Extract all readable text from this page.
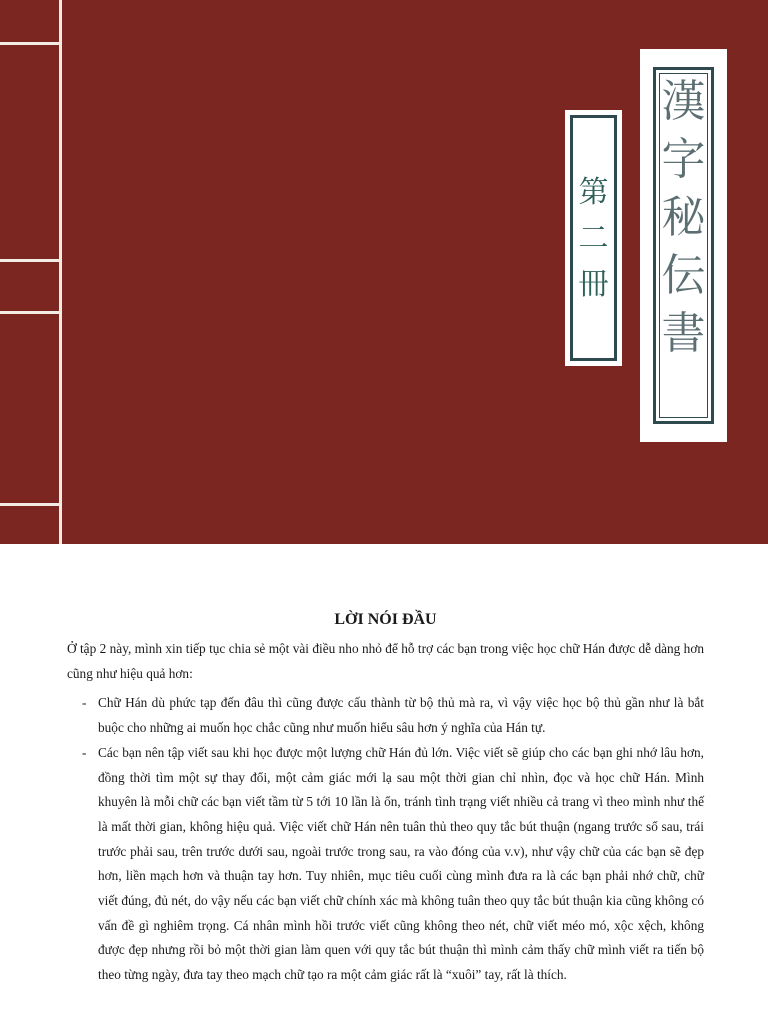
漢
字
秘
伝
書
第
二
冊
LỜI NÓI ĐẦU

Ở tập 2 này, mình xin tiếp tục chia sẻ một vài điều nho nhỏ để hỗ trợ các bạn trong việc học chữ Hán được dễ dàng hơn cũng như hiệu quả hơn:

- Chữ Hán dù phức tạp đến đâu thì cũng được cấu thành từ bộ thủ mà ra, vì vậy việc học bộ thủ gần như là bắt buộc cho những ai muốn học chắc cũng như muốn hiểu sâu hơn ý nghĩa của Hán tự.
- Các bạn nên tập viết sau khi học được một lượng chữ Hán đủ lớn. Việc viết sẽ giúp cho các bạn ghi nhớ lâu hơn, đồng thời tìm một sự thay đổi, một cảm giác mới lạ sau một thời gian chỉ nhìn, đọc và học chữ Hán. Mình khuyên là mỗi chữ các bạn viết tầm từ 5 tới 10 lần là ổn, tránh tình trạng viết nhiều cả trang vì theo mình như thế là mất thời gian, không hiệu quả. Việc viết chữ Hán nên tuân thủ theo quy tắc bút thuận (ngang trước sổ sau, trái trước phải sau, trên trước dưới sau, ngoài trước trong sau, ra vào đóng của v.v), như vậy chữ của các bạn sẽ đẹp hơn, liền mạch hơn và thuận tay hơn. Tuy nhiên, mục tiêu cuối cùng mình đưa ra là các bạn phải nhớ chữ, chữ viết đúng, đủ nét, do vậy nếu các bạn viết chữ chính xác mà không tuân theo quy tắc bút thuận kia cũng không có vấn đề gì nghiêm trọng. Cá nhân mình hồi trước viết cũng không theo nét, chữ viết méo mó, xộc xệch, không được đẹp nhưng rồi bỏ một thời gian làm quen với quy tắc bút thuận thì mình cảm thấy chữ mình viết ra tiến bộ theo từng ngày, đưa tay theo mạch chữ tạo ra một cảm giác rất là “xuôi” tay, rất là thích.
